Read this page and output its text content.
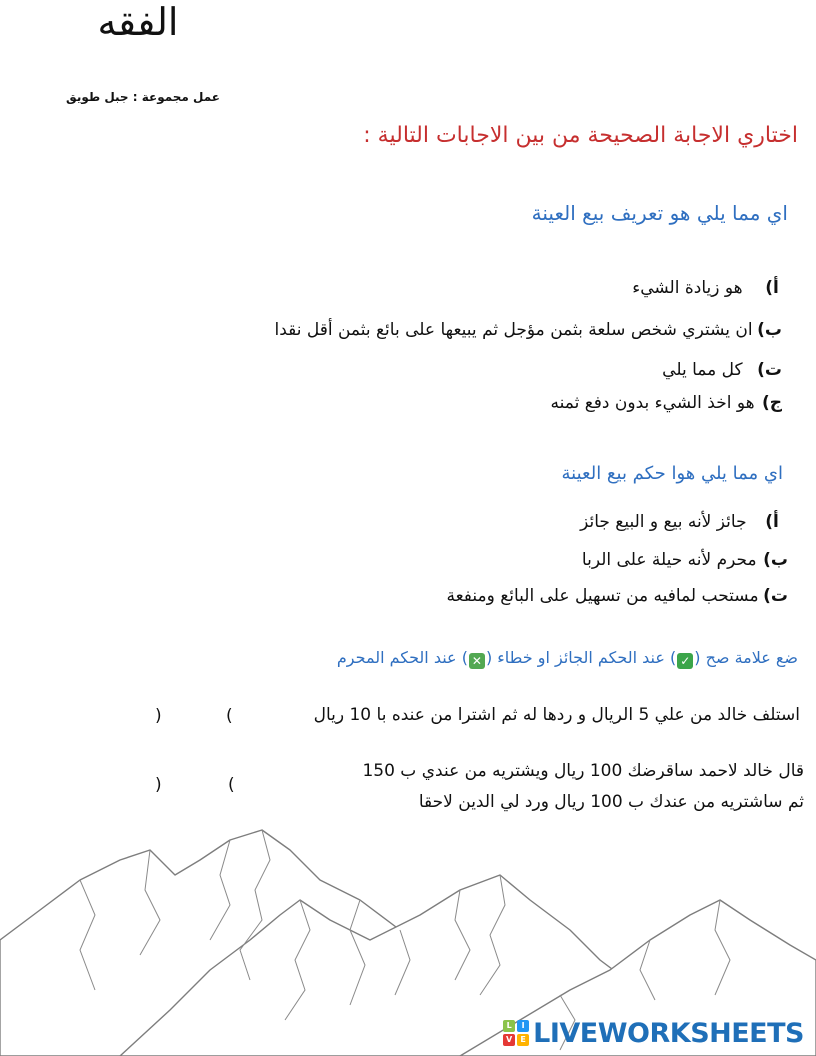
الفقه
عمل مجموعة : جبل طويق
اختاري الاجابة الصحيحة من بين الاجابات التالية :
اي مما يلي هو تعريف بيع العينة
أ) هو زيادة الشيء
ب) ان يشتري شخص سلعة بثمن مؤجل ثم يبيعها على بائع بثمن أقل نقدا
ت) كل مما يلي
ج) هو اخذ الشيء بدون دفع ثمنه
اي مما يلي هوا حكم بيع العينة
أ) جائز لأنه بيع و البيع جائز
ب) محرم لأنه حيلة على الربا
ت) مستحب لمافيه من تسهيل على البائع ومنفعة
ضع علامة صح (✓) عند الحكم الجائز او خطاء (✕) عند الحكم المحرم
استلف خالد من علي 5 الريال و ردها له ثم اشترا من عنده با 10 ريال
(
)
قال خالد لاحمد ساقرضك 100 ريال ويشتريه من عندي ب 150
ثم ساشتريه من عندك ب 100 ريال ورد لي الدين لاحقا
(
)
L	I
V	E LIVEWORKSHEETS
